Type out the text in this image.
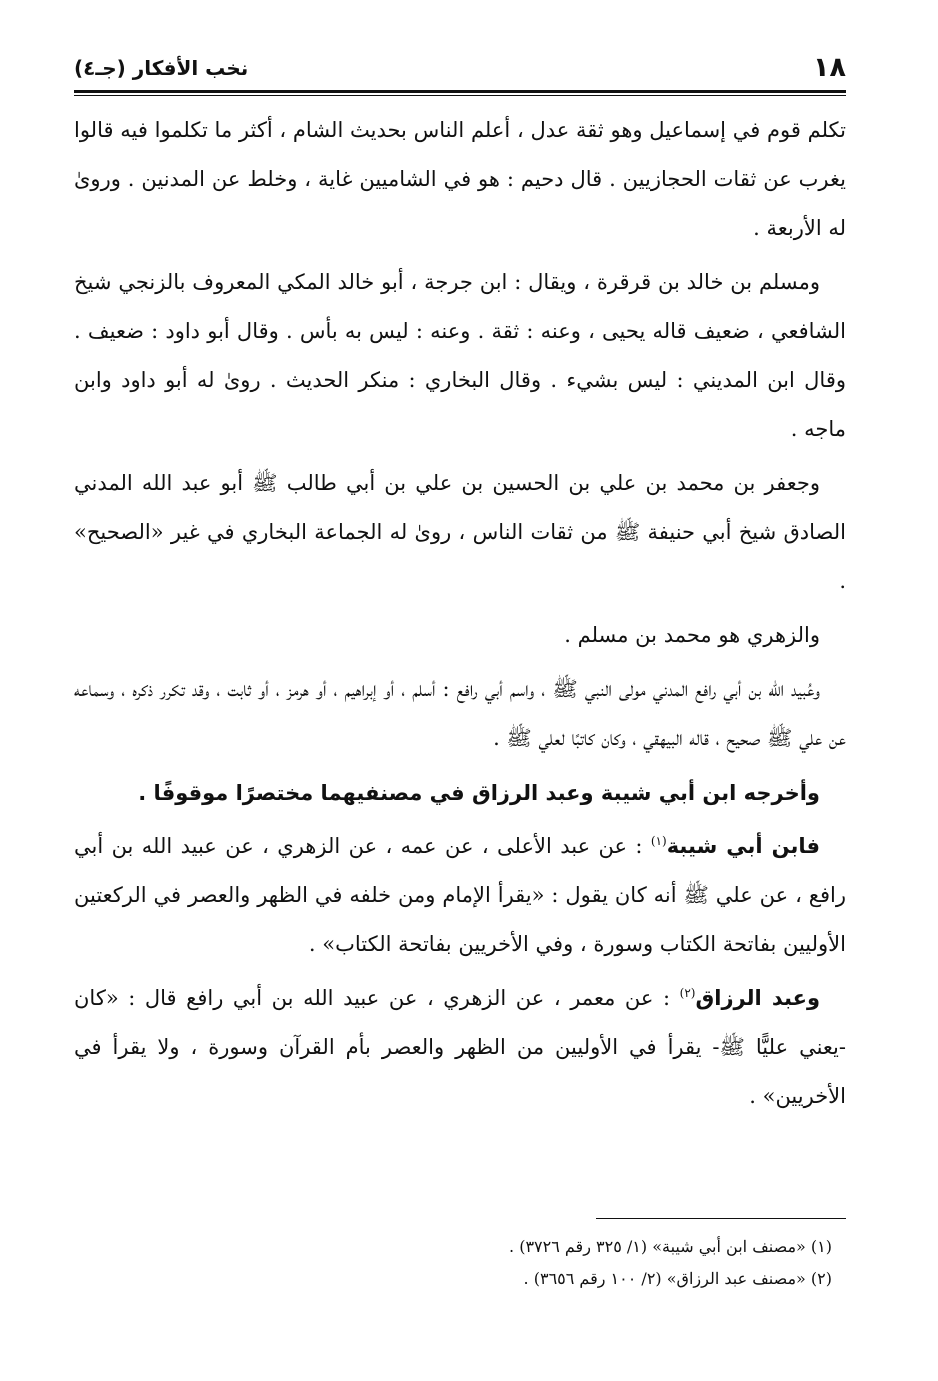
١٨
نخب الأفكار (جـ٤)

تكلم قوم في إسماعيل وهو ثقة عدل ، أعلم الناس بحديث الشام ، أكثر ما تكلموا فيه قالوا يغرب عن ثقات الحجازيين . قال دحيم : هو في الشاميين غاية ، وخلط عن المدنين . وروىٰ له الأربعة .

ومسلم بن خالد بن قرقرة ، ويقال : ابن جرجة ، أبو خالد المكي المعروف بالزنجي شيخ الشافعي ، ضعيف قاله يحيى ، وعنه : ثقة . وعنه : ليس به بأس . وقال أبو داود : ضعيف . وقال ابن المديني : ليس بشيء . وقال البخاري : منكر الحديث . روىٰ له أبو داود وابن ماجه .

وجعفر بن محمد بن علي بن الحسين بن علي بن أبي طالب ﷺ أبو عبد الله المدني الصادق شيخ أبي حنيفة ﷺ من ثقات الناس ، روىٰ له الجماعة البخاري في غير «الصحيح» .

والزهري هو محمد بن مسلم .

وعُبيد الله بن أبي رافع المدني مولى النبي ﷺ ، واسم أبي رافع : أسلم ، أو إبراهيم ، أو هرمز ، أو ثابت ، وقد تكرر ذكره ، وسماعه عن علي ﷺ صحيح ، قاله البيهقي ، وكان كاتبًا لعلي ﷺ .

وأخرجه ابن أبي شيبة وعبد الرزاق في مصنفيهما مختصرًا موقوفًا .

فابن أبي شيبة$^{(١)}$ : عن عبد الأعلى ، عن عمه ، عن الزهري ، عن عبيد الله بن أبي رافع ، عن علي ﷺ أنه كان يقول : «يقرأ الإمام ومن خلفه في الظهر والعصر في الركعتين الأوليين بفاتحة الكتاب وسورة ، وفي الأخريين بفاتحة الكتاب» .

وعبد الرزاق$^{(٢)}$ : عن معمر ، عن الزهري ، عن عبيد الله بن أبي رافع قال : «كان -يعني عليًّا ﷺ- يقرأ في الأوليين من الظهر والعصر بأم القرآن وسورة ، ولا يقرأ في الأخريين» .

(١) «مصنف ابن أبي شيبة» (١/ ٣٢٥ رقم ٣٧٢٦) .
(٢) «مصنف عبد الرزاق» (٢/ ١٠٠ رقم ٣٦٥٦) .
